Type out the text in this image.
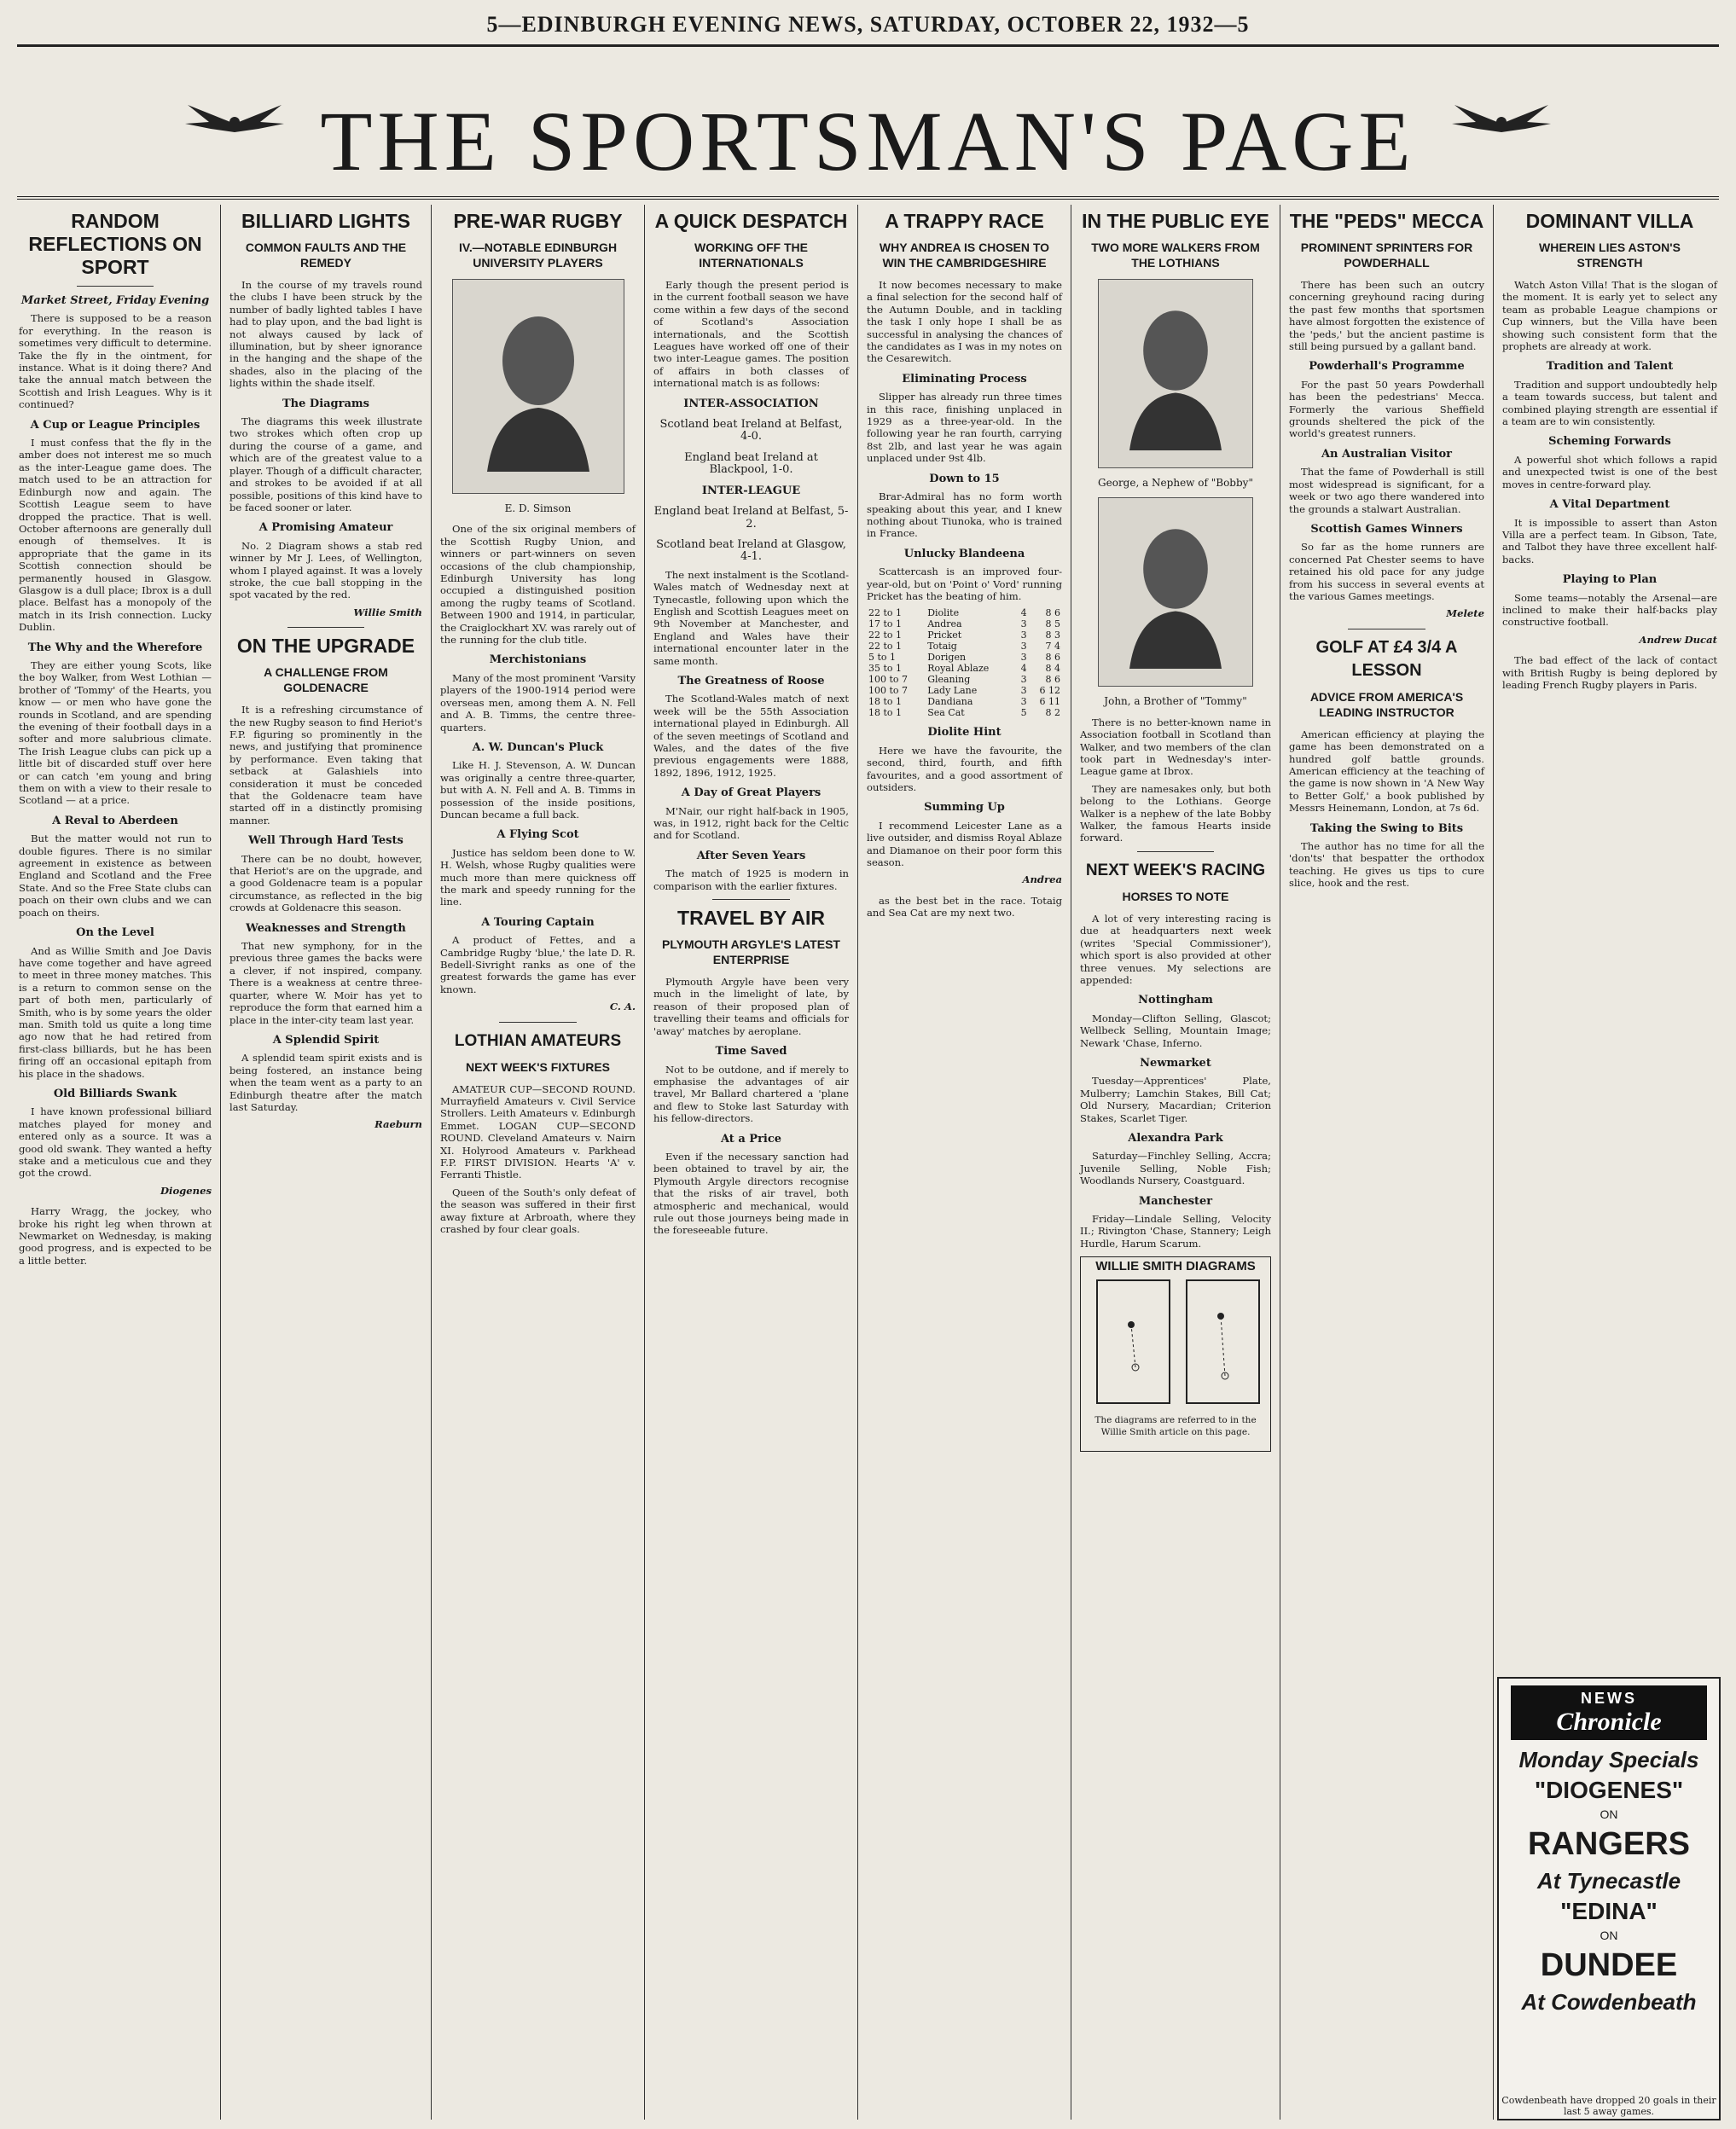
5—EDINBURGH EVENING NEWS, SATURDAY, OCTOBER 22, 1932—5
THE SPORTSMAN'S PAGE
RANDOM REFLECTIONS ON SPORT
Market Street, Friday Evening

There is supposed to be a reason for everything. In the reason is sometimes very difficult to determine. Take the fly in the ointment, for instance. What is it doing there? And take the annual match between the Scottish and Irish Leagues. Why is it continued?

A Cup or League Principles

I must confess that the fly in the amber does not interest me so much as the inter-League game does. The match used to be an attraction for Edinburgh now and again. The Scottish League seem to have dropped the practice. That is well. October afternoons are generally dull enough of themselves. It is appropriate that the game in its Scottish connection should be permanently housed in Glasgow. Glasgow is a dull place; Ibrox is a dull place. Belfast has a monopoly of the match in its Irish connection. Lucky Dublin.

The Why and the Wherefore

They are either young Scots, like the boy Walker, from West Lothian — brother of 'Tommy' of the Hearts, you know — or men who have gone the rounds in Scotland, and are spending the evening of their football days in a softer and more salubrious climate. The Irish League clubs can pick up a little bit of discarded stuff over here or can catch 'em young and bring them on with a view to their resale to Scotland — at a price.

A Reval to Aberdeen

But the matter would not run to double figures. There is no similar agreement in existence as between England and Scotland and the Free State. And so the Free State clubs can poach on their own clubs and we can poach on theirs.

On the Level

And as Willie Smith and Joe Davis have come together and have agreed to meet in three money matches. This is a return to common sense on the part of both men, particularly of Smith, who is by some years the older man. Smith told us quite a long time ago now that he had retired from first-class billiards, but he has been firing off an occasional epitaph from his place in the shadows.

Old Billiards Swank

I have known professional billiard matches played for money and entered only as a source. It was a good old swank. They wanted a hefty stake and a meticulous cue and they got the crowd.

Diogenes

Harry Wragg, the jockey, who broke his right leg when thrown at Newmarket on Wednesday, is making good progress, and is expected to be a little better.

BILLIARD LIGHTS
COMMON FAULTS AND THE REMEDY

In the course of my travels round the clubs I have been struck by the number of badly lighted tables I have had to play upon, and the bad light is not always caused by lack of illumination, but by sheer ignorance in the hanging and the shape of the shades, also in the placing of the lights within the shade itself.

The Diagrams

The diagrams this week illustrate two strokes which often crop up during the course of a game, and which are of the greatest value to a player. Though of a difficult character, and strokes to be avoided if at all possible, positions of this kind have to be faced sooner or later.

A Promising Amateur

No. 2 Diagram shows a stab red winner by Mr J. Lees, of Wellington, whom I played against. It was a lovely stroke, the cue ball stopping in the spot vacated by the red.

Willie Smith
ON THE UPGRADE
A CHALLENGE FROM GOLDENACRE

It is a refreshing circumstance of the new Rugby season to find Heriot's F.P. figuring so prominently in the news, and justifying that prominence by performance. Even taking that setback at Galashiels into consideration it must be conceded that the Goldenacre team have started off in a distinctly promising manner.

Well Through Hard Tests

There can be no doubt, however, that Heriot's are on the upgrade, and a good Goldenacre team is a popular circumstance, as reflected in the big crowds at Goldenacre this season.

Weaknesses and Strength

That new symphony, for in the previous three games the backs were a clever, if not inspired, company. There is a weakness at centre three-quarter, where W. Moir has yet to reproduce the form that earned him a place in the inter-city team last year.

A Splendid Spirit

A splendid team spirit exists and is being fostered, an instance being when the team went as a party to an Edinburgh theatre after the match last Saturday.

Raeburn
PRE-WAR RUGBY
IV.—NOTABLE EDINBURGH UNIVERSITY PLAYERS
E. D. Simson

One of the six original members of the Scottish Rugby Union, and winners or part-winners on seven occasions of the club championship, Edinburgh University has long occupied a distinguished position among the rugby teams of Scotland. Between 1900 and 1914, in particular, the Craiglockhart XV. was rarely out of the running for the club title.

Merchistonians

Many of the most prominent 'Varsity players of the 1900-1914 period were overseas men, among them A. N. Fell and A. B. Timms, the centre three-quarters.

A. W. Duncan's Pluck

Like H. J. Stevenson, A. W. Duncan was originally a centre three-quarter, but with A. N. Fell and A. B. Timms in possession of the inside positions, Duncan became a full back.

A Flying Scot

Justice has seldom been done to W. H. Welsh, whose Rugby qualities were much more than mere quickness off the mark and speedy running for the line.

A Touring Captain

A product of Fettes, and a Cambridge Rugby 'blue,' the late D. R. Bedell-Sivright ranks as one of the greatest forwards the game has ever known.

C. A.
LOTHIAN AMATEURS
NEXT WEEK'S FIXTURES

AMATEUR CUP—SECOND ROUND. Murrayfield Amateurs v. Civil Service Strollers. Leith Amateurs v. Edinburgh Emmet. LOGAN CUP—SECOND ROUND. Cleveland Amateurs v. Nairn XI. Holyrood Amateurs v. Parkhead F.P. FIRST DIVISION. Hearts 'A' v. Ferranti Thistle.

Queen of the South's only defeat of the season was suffered in their first away fixture at Arbroath, where they crashed by four clear goals.

A QUICK DESPATCH
WORKING OFF THE INTERNATIONALS

Early though the present period is in the current football season we have come within a few days of the second of Scotland's Association internationals, and the Scottish Leagues have worked off one of their two inter-League games. The position of affairs in both classes of international match is as follows:

INTER-ASSOCIATION
Scotland beat Ireland at Belfast, 4-0.
England beat Ireland at Blackpool, 1-0.
INTER-LEAGUE
England beat Ireland at Belfast, 5-2.
Scotland beat Ireland at Glasgow, 4-1.

The next instalment is the Scotland-Wales match of Wednesday next at Tynecastle, following upon which the English and Scottish Leagues meet on 9th November at Manchester, and England and Wales have their international encounter later in the same month.

The Greatness of Roose

The Scotland-Wales match of next week will be the 55th Association international played in Edinburgh. All of the seven meetings of Scotland and Wales, and the dates of the five previous engagements were 1888, 1892, 1896, 1912, 1925.

A Day of Great Players

M'Nair, our right half-back in 1905, was, in 1912, right back for the Celtic and for Scotland.

After Seven Years

The match of 1925 is modern in comparison with the earlier fixtures.

TRAVEL BY AIR
PLYMOUTH ARGYLE'S LATEST ENTERPRISE

Plymouth Argyle have been very much in the limelight of late, by reason of their proposed plan of travelling their teams and officials for 'away' matches by aeroplane.

Time Saved

Not to be outdone, and if merely to emphasise the advantages of air travel, Mr Ballard chartered a 'plane and flew to Stoke last Saturday with his fellow-directors.

At a Price

Even if the necessary sanction had been obtained to travel by air, the Plymouth Argyle directors recognise that the risks of air travel, both atmospheric and mechanical, would rule out those journeys being made in the foreseeable future.

A TRAPPY RACE
WHY ANDREA IS CHOSEN TO WIN THE CAMBRIDGESHIRE

It now becomes necessary to make a final selection for the second half of the Autumn Double, and in tackling the task I only hope I shall be as successful in analysing the chances of the candidates as I was in my notes on the Cesarewitch.

Eliminating Process

Slipper has already run three times in this race, finishing unplaced in 1929 as a three-year-old. In the following year he ran fourth, carrying 8st 2lb, and last year he was again unplaced under 9st 4lb.

Down to 15

Brar-Admiral has no form worth speaking about this year, and I knew nothing about Tiunoka, who is trained in France.

Unlucky Blandeena

Scattercash is an improved four-year-old, but on 'Point o' Vord' running Pricket has the beating of him.

22 to 1	Diolite	4	8 6
17 to 1	Andrea	3	8 5
22 to 1	Pricket	3	8 3
22 to 1	Totaig	3	7 4
5 to 1	Dorigen	3	8 6
35 to 1	Royal Ablaze	4	8 4
100 to 7	Gleaning	3	8 6
100 to 7	Lady Lane	3	6 12
18 to 1	Dandiana	3	6 11
18 to 1	Sea Cat	5	8 2
Diolite Hint

Here we have the favourite, the second, third, fourth, and fifth favourites, and a good assortment of outsiders.

Summing Up

I recommend Leicester Lane as a live outsider, and dismiss Royal Ablaze and Diamanoe on their poor form this season.

Andrea

as the best bet in the race. Totaig and Sea Cat are my next two.

IN THE PUBLIC EYE
TWO MORE WALKERS FROM THE LOTHIANS
George, a Nephew of "Bobby"
John, a Brother of "Tommy"

There is no better-known name in Association football in Scotland than Walker, and two members of the clan took part in Wednesday's inter-League game at Ibrox.

They are namesakes only, but both belong to the Lothians. George Walker is a nephew of the late Bobby Walker, the famous Hearts inside forward.

NEXT WEEK'S RACING
HORSES TO NOTE

A lot of very interesting racing is due at headquarters next week (writes 'Special Commissioner'), which sport is also provided at other three venues. My selections are appended:

Nottingham

Monday—Clifton Selling, Glascot; Wellbeck Selling, Mountain Image; Newark 'Chase, Inferno.

Newmarket

Tuesday—Apprentices' Plate, Mulberry; Lamchin Stakes, Bill Cat; Old Nursery, Macardian; Criterion Stakes, Scarlet Tiger.

Alexandra Park

Saturday—Finchley Selling, Accra; Juvenile Selling, Noble Fish; Woodlands Nursery, Coastguard.

Manchester

Friday—Lindale Selling, Velocity II.; Rivington 'Chase, Stannery; Leigh Hurdle, Harum Scarum.

WILLIE SMITH DIAGRAMS
The diagrams are referred to in the Willie Smith article on this page.
THE "PEDS" MECCA
PROMINENT SPRINTERS FOR POWDERHALL

There has been such an outcry concerning greyhound racing during the past few months that sportsmen have almost forgotten the existence of the 'peds,' but the ancient pastime is still being pursued by a gallant band.

Powderhall's Programme

For the past 50 years Powderhall has been the pedestrians' Mecca. Formerly the various Sheffield grounds sheltered the pick of the world's greatest runners.

An Australian Visitor

That the fame of Powderhall is still most widespread is significant, for a week or two ago there wandered into the grounds a stalwart Australian.

Scottish Games Winners

So far as the home runners are concerned Pat Chester seems to have retained his old pace for any judge from his success in several events at the various Games meetings.

Melete
GOLF AT £4 3/4 A LESSON
ADVICE FROM AMERICA'S LEADING INSTRUCTOR

American efficiency at playing the game has been demonstrated on a hundred golf battle grounds. American efficiency at the teaching of the game is now shown in 'A New Way to Better Golf,' a book published by Messrs Heinemann, London, at 7s 6d.

Taking the Swing to Bits

The author has no time for all the 'don'ts' that bespatter the orthodox teaching. He gives us tips to cure slice, hook and the rest.

DOMINANT VILLA
WHEREIN LIES ASTON'S STRENGTH

Watch Aston Villa! That is the slogan of the moment. It is early yet to select any team as probable League champions or Cup winners, but the Villa have been showing such consistent form that the prophets are already at work.

Tradition and Talent

Tradition and support undoubtedly help a team towards success, but talent and combined playing strength are essential if a team are to win consistently.

Scheming Forwards

A powerful shot which follows a rapid and unexpected twist is one of the best moves in centre-forward play.

A Vital Department

It is impossible to assert than Aston Villa are a perfect team. In Gibson, Tate, and Talbot they have three excellent half-backs.

Playing to Plan

Some teams—notably the Arsenal—are inclined to make their half-backs play constructive football.

Andrew Ducat

The bad effect of the lack of contact with British Rugby is being deplored by leading French Rugby players in Paris.

NEWS
Chronicle
Monday Specials
"DIOGENES"
ON
RANGERS
At Tynecastle
"EDINA"
ON
DUNDEE
At Cowdenbeath
Cowdenbeath have dropped 20 goals in their last 5 away games.
